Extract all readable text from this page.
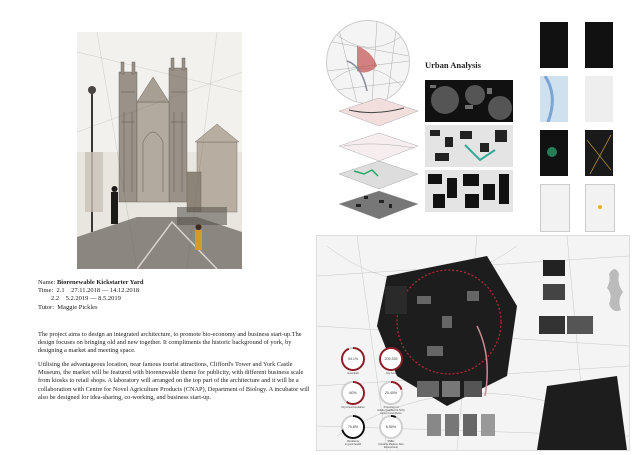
Name: Biorenewable Kickstarter Yard
Time: 2.1 27.11.2018 — 14.12.2018
2.2 5.2.2019 — 8.5.2019
Tutor: Maggie Pickles

The project aims to design an integrated architecture, to promote bio-economy and business start-up.The design focuses on bringing old and new together. It compliments the historic background of york, by designing a market and meeting space.

Utilising the advantageous location, near famous tourist attractions, Clifford's Tower and York Castle Museum, the market will be featured with biorenewable theme for publicity, with different business scale from kiosks to retail shops. A laboratory will arranged on the top part of the architecture and it will be a collaboration with Centre for Novel Agriculture Products (CNAP), Department of Biology. A incubator will also be designed for idea-sharing, co-working, and business start-up.

Urban Analysis
94.1%
Greenbelt
209,339
City Area
60%
City Area Population
20.40%
Proportion of
Adults Qualified to NVQ Level 4 and Above
70.8%
Residents
in good health
6.50%
SMEs
(Small & Medium Size Enterprises)
